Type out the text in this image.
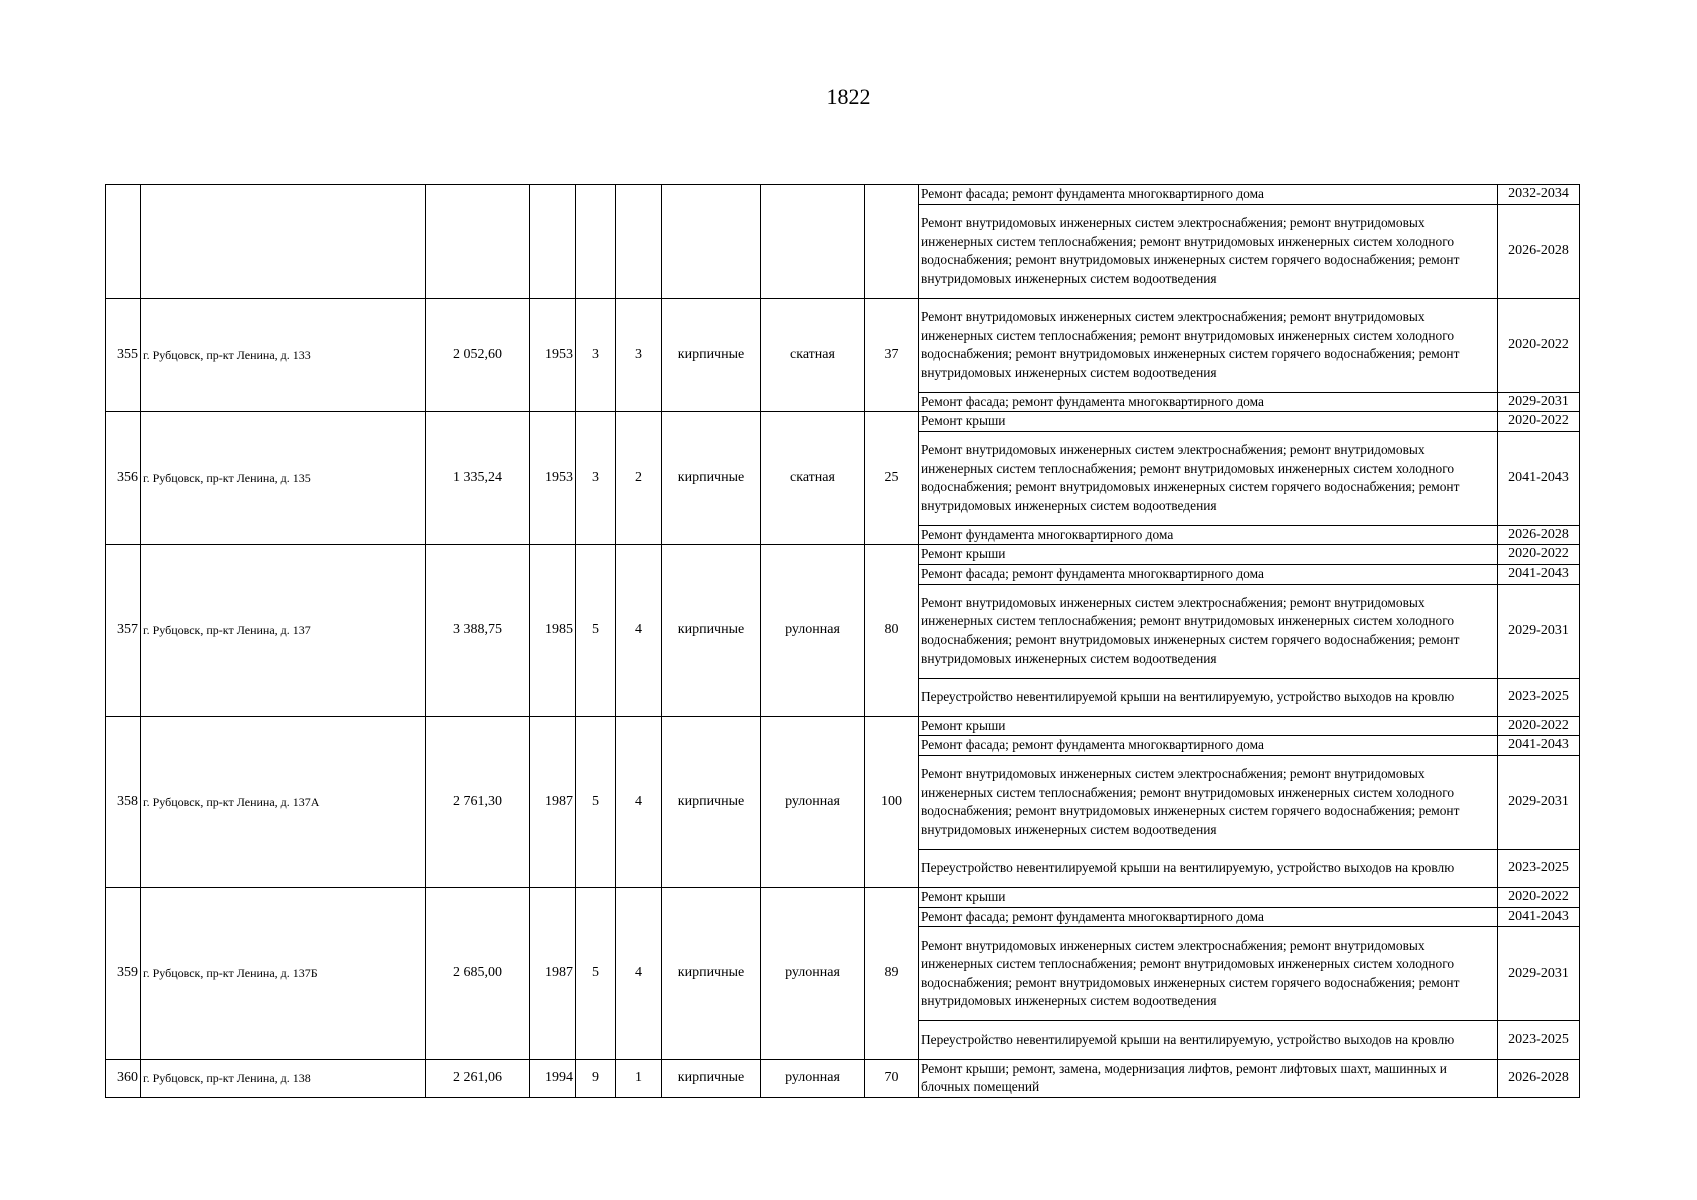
1822
									Ремонт фасада; ремонт фундамента многоквартирного дома	2032-2034
									Ремонт внутридомовых инженерных систем электроснабжения; ремонт внутридомовых инженерных систем теплоснабжения; ремонт внутридомовых инженерных систем холодного водоснабжения; ремонт внутридомовых инженерных систем горячего водоснабжения; ремонт внутридомовых инженерных систем водоотведения	2026-2028
355	г. Рубцовск, пр-кт Ленина, д. 133	2 052,60	1953	3	3	кирпичные	скатная	37	Ремонт внутридомовых инженерных систем электроснабжения; ремонт внутридомовых инженерных систем теплоснабжения; ремонт внутридомовых инженерных систем холодного водоснабжения; ремонт внутридомовых инженерных систем горячего водоснабжения; ремонт внутридомовых инженерных систем водоотведения	2020-2022
									Ремонт фасада; ремонт фундамента многоквартирного дома	2029-2031
356	г. Рубцовск, пр-кт Ленина, д. 135	1 335,24	1953	3	2	кирпичные	скатная	25	Ремонт крыши	2020-2022
									Ремонт внутридомовых инженерных систем электроснабжения; ремонт внутридомовых инженерных систем теплоснабжения; ремонт внутридомовых инженерных систем холодного водоснабжения; ремонт внутридомовых инженерных систем горячего водоснабжения; ремонт внутридомовых инженерных систем водоотведения	2041-2043
									Ремонт фундамента многоквартирного дома	2026-2028
357	г. Рубцовск, пр-кт Ленина, д. 137	3 388,75	1985	5	4	кирпичные	рулонная	80	Ремонт крыши	2020-2022
									Ремонт фасада; ремонт фундамента многоквартирного дома	2041-2043
									Ремонт внутридомовых инженерных систем электроснабжения; ремонт внутридомовых инженерных систем теплоснабжения; ремонт внутридомовых инженерных систем холодного водоснабжения; ремонт внутридомовых инженерных систем горячего водоснабжения; ремонт внутридомовых инженерных систем водоотведения	2029-2031
									Переустройство невентилируемой крыши на вентилируемую, устройство выходов на кровлю	2023-2025
358	г. Рубцовск, пр-кт Ленина, д. 137А	2 761,30	1987	5	4	кирпичные	рулонная	100	Ремонт крыши	2020-2022
									Ремонт фасада; ремонт фундамента многоквартирного дома	2041-2043
									Ремонт внутридомовых инженерных систем электроснабжения; ремонт внутридомовых инженерных систем теплоснабжения; ремонт внутридомовых инженерных систем холодного водоснабжения; ремонт внутридомовых инженерных систем горячего водоснабжения; ремонт внутридомовых инженерных систем водоотведения	2029-2031
									Переустройство невентилируемой крыши на вентилируемую, устройство выходов на кровлю	2023-2025
359	г. Рубцовск, пр-кт Ленина, д. 137Б	2 685,00	1987	5	4	кирпичные	рулонная	89	Ремонт крыши	2020-2022
									Ремонт фасада; ремонт фундамента многоквартирного дома	2041-2043
									Ремонт внутридомовых инженерных систем электроснабжения; ремонт внутридомовых инженерных систем теплоснабжения; ремонт внутридомовых инженерных систем холодного водоснабжения; ремонт внутридомовых инженерных систем горячего водоснабжения; ремонт внутридомовых инженерных систем водоотведения	2029-2031
									Переустройство невентилируемой крыши на вентилируемую, устройство выходов на кровлю	2023-2025
360	г. Рубцовск, пр-кт Ленина, д. 138	2 261,06	1994	9	1	кирпичные	рулонная	70	Ремонт крыши; ремонт, замена, модернизация лифтов, ремонт лифтовых шахт, машинных и блочных помещений	2026-2028
